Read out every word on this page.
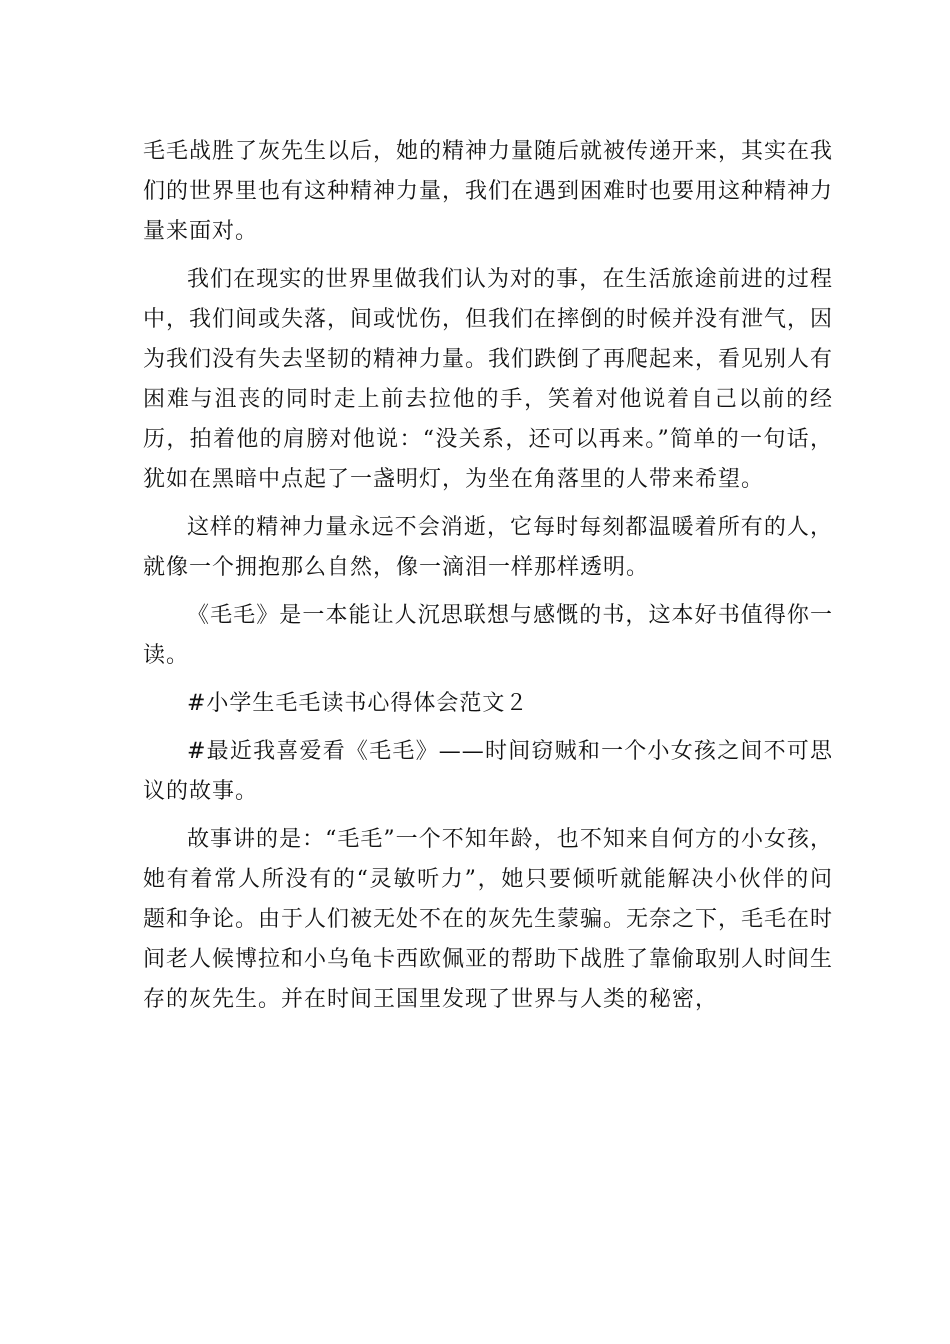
毛毛战胜了灰先生以后，她的精神力量随后就被传递开来，其实在我们的世界里也有这种精神力量，我们在遇到困难时也要用这种精神力量来面对。

我们在现实的世界里做我们认为对的事，在生活旅途前进的过程中，我们间或失落，间或忧伤，但我们在摔倒的时候并没有泄气，因为我们没有失去坚韧的精神力量。我们跌倒了再爬起来，看见别人有困难与沮丧的同时走上前去拉他的手，笑着对他说着自己以前的经历，拍着他的肩膀对他说：“没关系，还可以再来。”简单的一句话，犹如在黑暗中点起了一盏明灯，为坐在角落里的人带来希望。

这样的精神力量永远不会消逝，它每时每刻都温暖着所有的人，就像一个拥抱那么自然，像一滴泪一样那样透明。

《毛毛》是一本能让人沉思联想与感慨的书，这本好书值得你一读。

#小学生毛毛读书心得体会范文２

#最近我喜爱看《毛毛》——时间窃贼和一个小女孩之间不可思议的故事。

故事讲的是：“毛毛”一个不知年龄，也不知来自何方的小女孩，她有着常人所没有的“灵敏听力”，她只要倾听就能解决小伙伴的问题和争论。由于人们被无处不在的灰先生蒙骗。无奈之下，毛毛在时间老人候博拉和小乌龟卡西欧佩亚的帮助下战胜了靠偷取别人时间生存的灰先生。并在时间王国里发现了世界与人类的秘密，
